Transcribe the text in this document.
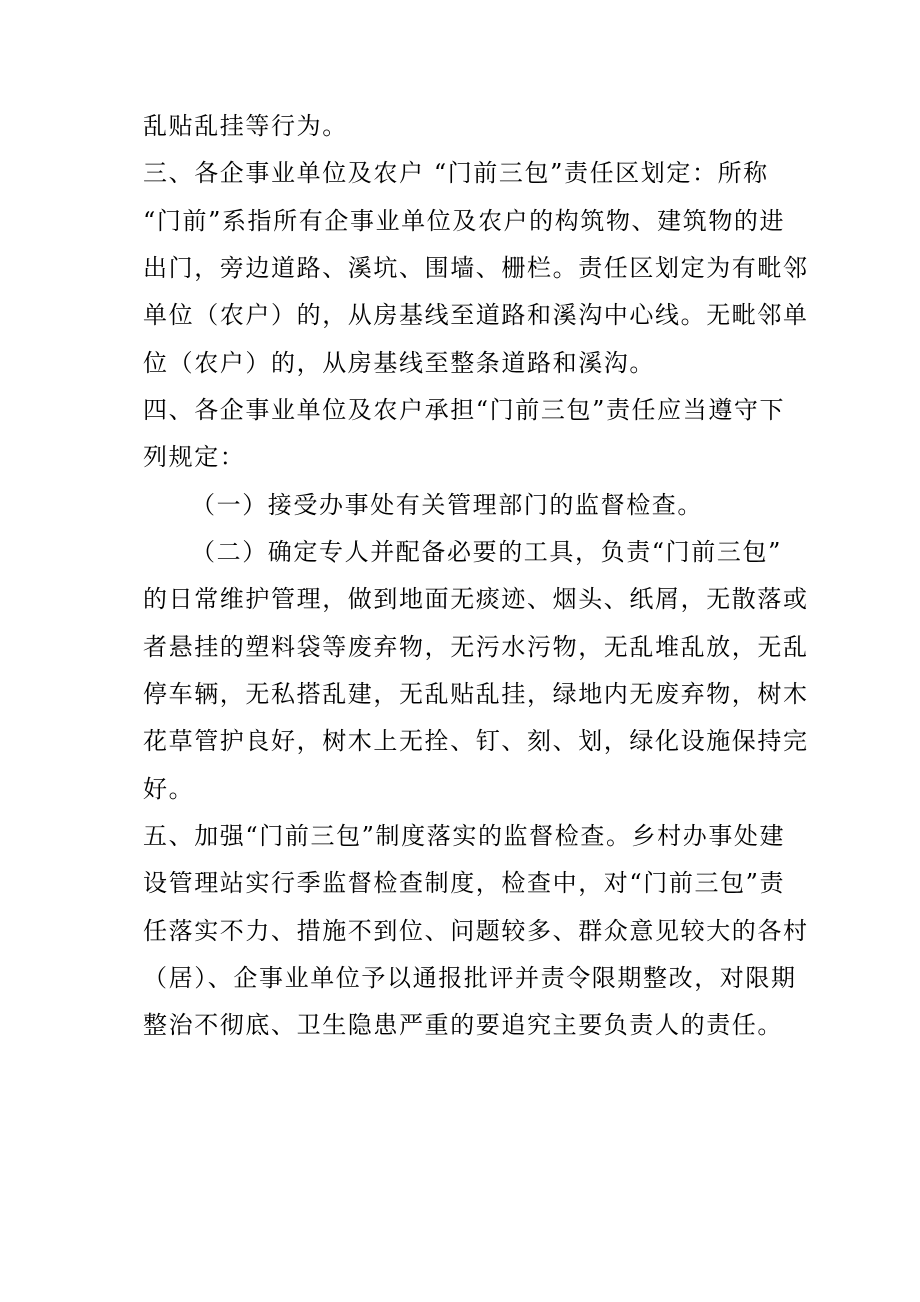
乱贴乱挂等行为。
三、各企事业单位及农户 “门前三包”责任区划定：所称
“门前”系指所有企事业单位及农户的构筑物、建筑物的进
出门，旁边道路、溪坑、围墙、栅栏。责任区划定为有毗邻
单位（农户）的，从房基线至道路和溪沟中心线。无毗邻单
位（农户）的，从房基线至整条道路和溪沟。
四、各企事业单位及农户承担“门前三包”责任应当遵守下
列规定：
（一）接受办事处有关管理部门的监督检查。
（二）确定专人并配备必要的工具，负责“门前三包”
的日常维护管理，做到地面无痰迹、烟头、纸屑，无散落或
者悬挂的塑料袋等废弃物，无污水污物，无乱堆乱放，无乱
停车辆，无私搭乱建，无乱贴乱挂，绿地内无废弃物，树木
花草管护良好，树木上无拴、钉、刻、划，绿化设施保持完
好。
五、加强“门前三包”制度落实的监督检查。乡村办事处建
设管理站实行季监督检查制度，检查中，对“门前三包”责
任落实不力、措施不到位、问题较多、群众意见较大的各村
（居）、企事业单位予以通报批评并责令限期整改，对限期
整治不彻底、卫生隐患严重的要追究主要负责人的责任。
